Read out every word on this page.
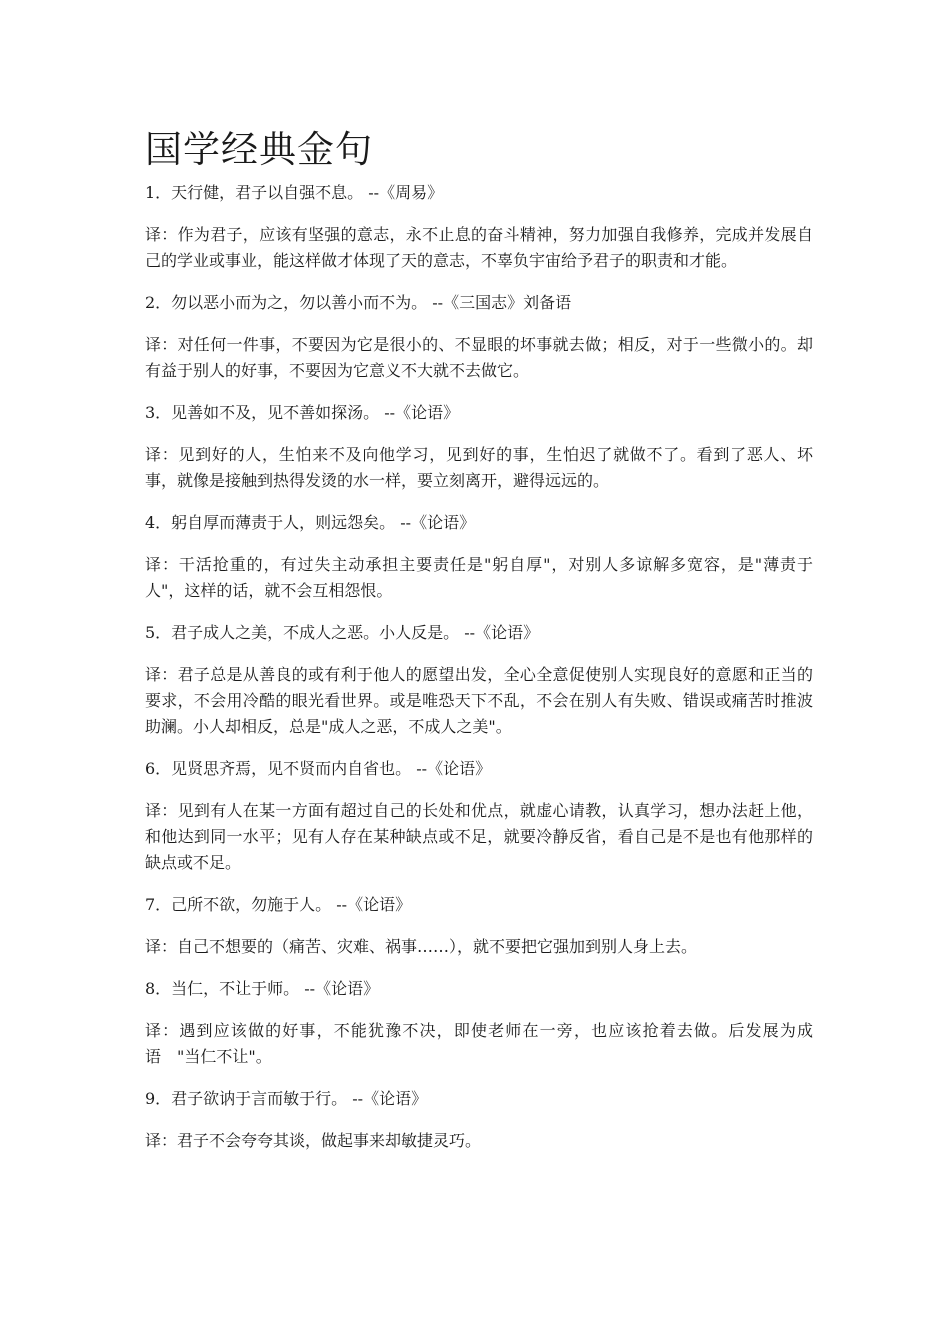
国学经典金句

1．天行健，君子以自强不息。 --《周易》

译：作为君子，应该有坚强的意志，永不止息的奋斗精神，努力加强自我修养，完成并发展自己的学业或事业，能这样做才体现了天的意志，不辜负宇宙给予君子的职责和才能。

2．勿以恶小而为之，勿以善小而不为。 --《三国志》刘备语

译：对任何一件事，不要因为它是很小的、不显眼的坏事就去做；相反，对于一些微小的。却有益于别人的好事，不要因为它意义不大就不去做它。

3．见善如不及，见不善如探汤。 --《论语》

译：见到好的人，生怕来不及向他学习，见到好的事，生怕迟了就做不了。看到了恶人、坏事，就像是接触到热得发烫的水一样，要立刻离开，避得远远的。

4．躬自厚而薄责于人，则远怨矣。 --《论语》

译：干活抢重的，有过失主动承担主要责任是"躬自厚"，对别人多谅解多宽容，是"薄责于人"，这样的话，就不会互相怨恨。

5．君子成人之美，不成人之恶。小人反是。 --《论语》

译：君子总是从善良的或有利于他人的愿望出发，全心全意促使别人实现良好的意愿和正当的要求，不会用冷酷的眼光看世界。或是唯恐天下不乱，不会在别人有失败、错误或痛苦时推波助澜。小人却相反，总是"成人之恶，不成人之美"。

6．见贤思齐焉，见不贤而内自省也。 --《论语》

译：见到有人在某一方面有超过自己的长处和优点，就虚心请教，认真学习，想办法赶上他，和他达到同一水平；见有人存在某种缺点或不足，就要冷静反省，看自己是不是也有他那样的缺点或不足。

7．己所不欲，勿施于人。 --《论语》

译：自己不想要的（痛苦、灾难、祸事……），就不要把它强加到别人身上去。

8．当仁，不让于师。 --《论语》

译：遇到应该做的好事，不能犹豫不决，即使老师在一旁，也应该抢着去做。后发展为成语　"当仁不让"。

9．君子欲讷于言而敏于行。 --《论语》

译：君子不会夸夸其谈，做起事来却敏捷灵巧。
